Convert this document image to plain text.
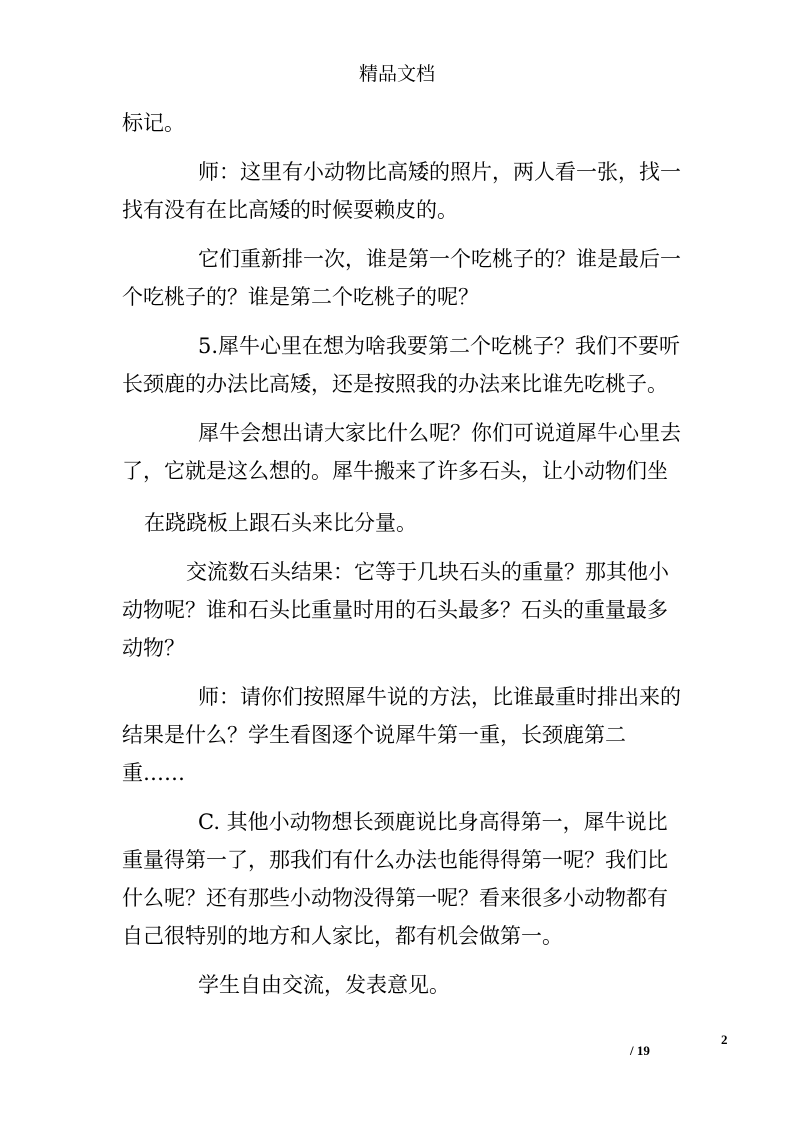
精品文档

标记。

师：这里有小动物比高矮的照片，两人看一张，找一找有没有在比高矮的时候耍赖皮的。

它们重新排一次，谁是第一个吃桃子的？谁是最后一个吃桃子的？谁是第二个吃桃子的呢？

5.犀牛心里在想为啥我要第二个吃桃子？我们不要听长颈鹿的办法比高矮，还是按照我的办法来比谁先吃桃子。

犀牛会想出请大家比什么呢？你们可说道犀牛心里去了，它就是这么想的。犀牛搬来了许多石头，让小动物们坐

在跷跷板上跟石头来比分量。

交流数石头结果：它等于几块石头的重量？那其他小动物呢？谁和石头比重量时用的石头最多？石头的重量最多动物？

师：请你们按照犀牛说的方法，比谁最重时排出来的结果是什么？学生看图逐个说犀牛第一重，长颈鹿第二重……

C. 其他小动物想长颈鹿说比身高得第一，犀牛说比重量得第一了，那我们有什么办法也能得得第一呢？我们比什么呢？还有那些小动物没得第一呢？看来很多小动物都有自己很特别的地方和人家比，都有机会做第一。

学生自由交流，发表意见。

2
/ 19
